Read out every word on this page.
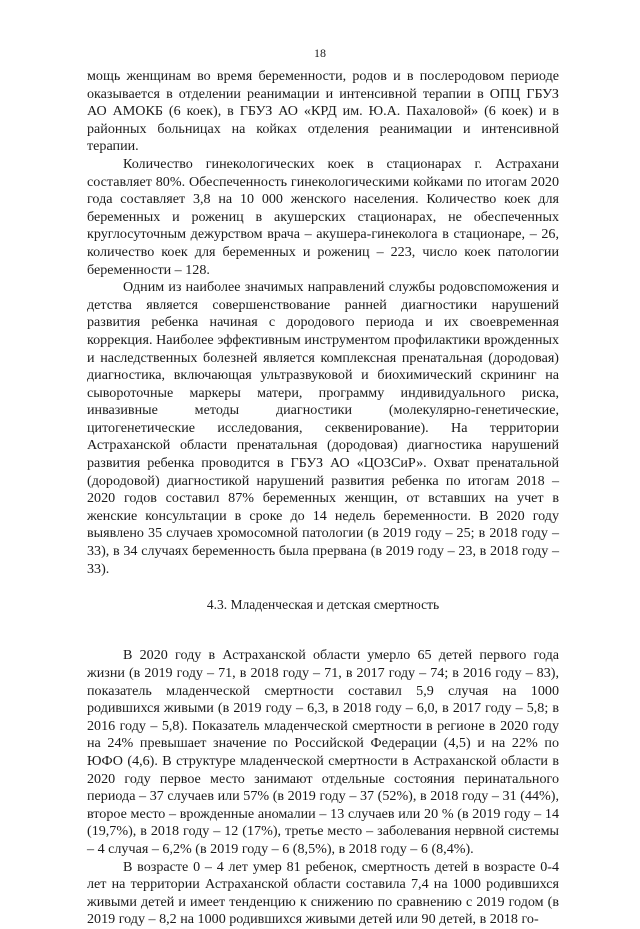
18

мощь женщинам во время беременности, родов и в послеродовом периоде оказывается в отделении реанимации и интенсивной терапии в ОПЦ ГБУЗ АО АМОКБ (6 коек), в ГБУЗ АО «КРД им. Ю.А. Пахаловой» (6 коек) и в районных больницах на койках отделения реанимации и интенсивной терапии.

Количество гинекологических коек в стационарах г. Астрахани составляет 80%. Обеспеченность гинекологическими койками по итогам 2020 года составляет 3,8 на 10 000 женского населения. Количество коек для беременных и рожениц в акушерских стационарах, не обеспеченных круглосуточным дежурством врача – акушера-гинеколога в стационаре, – 26, количество коек для беременных и рожениц – 223, число коек патологии беременности – 128.

Одним из наиболее значимых направлений службы родовспоможения и детства является совершенствование ранней диагностики нарушений развития ребенка начиная с дородового периода и их своевременная коррекция. Наиболее эффективным инструментом профилактики врожденных и наследственных болезней является комплексная пренатальная (дородовая) диагностика, включающая ультразвуковой и биохимический скрининг на сывороточные маркеры матери, программу индивидуального риска, инвазивные методы диагностики (молекулярно-генетические, цитогенетические исследования, секвенирование). На территории Астраханской области пренатальная (дородовая) диагностика нарушений развития ребенка проводится в ГБУЗ АО «ЦОЗСиР». Охват пренатальной (дородовой) диагностикой нарушений развития ребенка по итогам 2018 – 2020 годов составил 87% беременных женщин, от вставших на учет в женские консультации в сроке до 14 недель беременности. В 2020 году выявлено 35 случаев хромосомной патологии (в 2019 году – 25; в 2018 году – 33), в 34 случаях беременность была прервана (в 2019 году – 23, в 2018 году – 33).

4.3. Младенческая и детская смертность

В 2020 году в Астраханской области умерло 65 детей первого года жизни (в 2019 году – 71, в 2018 году – 71, в 2017 году – 74; в 2016 году – 83), показатель младенческой смертности составил 5,9 случая на 1000 родившихся живыми (в 2019 году – 6,3, в 2018 году – 6,0, в 2017 году – 5,8; в 2016 году – 5,8). Показатель младенческой смертности в регионе в 2020 году на 24% превышает значение по Российской Федерации (4,5) и на 22% по ЮФО (4,6). В структуре младенческой смертности в Астраханской области в 2020 году первое место занимают отдельные состояния перинатального периода – 37 случаев или 57% (в 2019 году – 37 (52%), в 2018 году – 31 (44%), второе место – врожденные аномалии – 13 случаев или 20 % (в 2019 году – 14 (19,7%), в 2018 году – 12 (17%), третье место – заболевания нервной системы – 4 случая – 6,2% (в 2019 году – 6 (8,5%), в 2018 году – 6 (8,4%).

В возрасте 0 – 4 лет умер 81 ребенок, смертность детей в возрасте 0-4 лет на территории Астраханской области составила 7,4 на 1000 родившихся живыми детей и имеет тенденцию к снижению по сравнению с 2019 годом (в 2019 году – 8,2 на 1000 родившихся живыми детей или 90 детей, в 2018 го-
